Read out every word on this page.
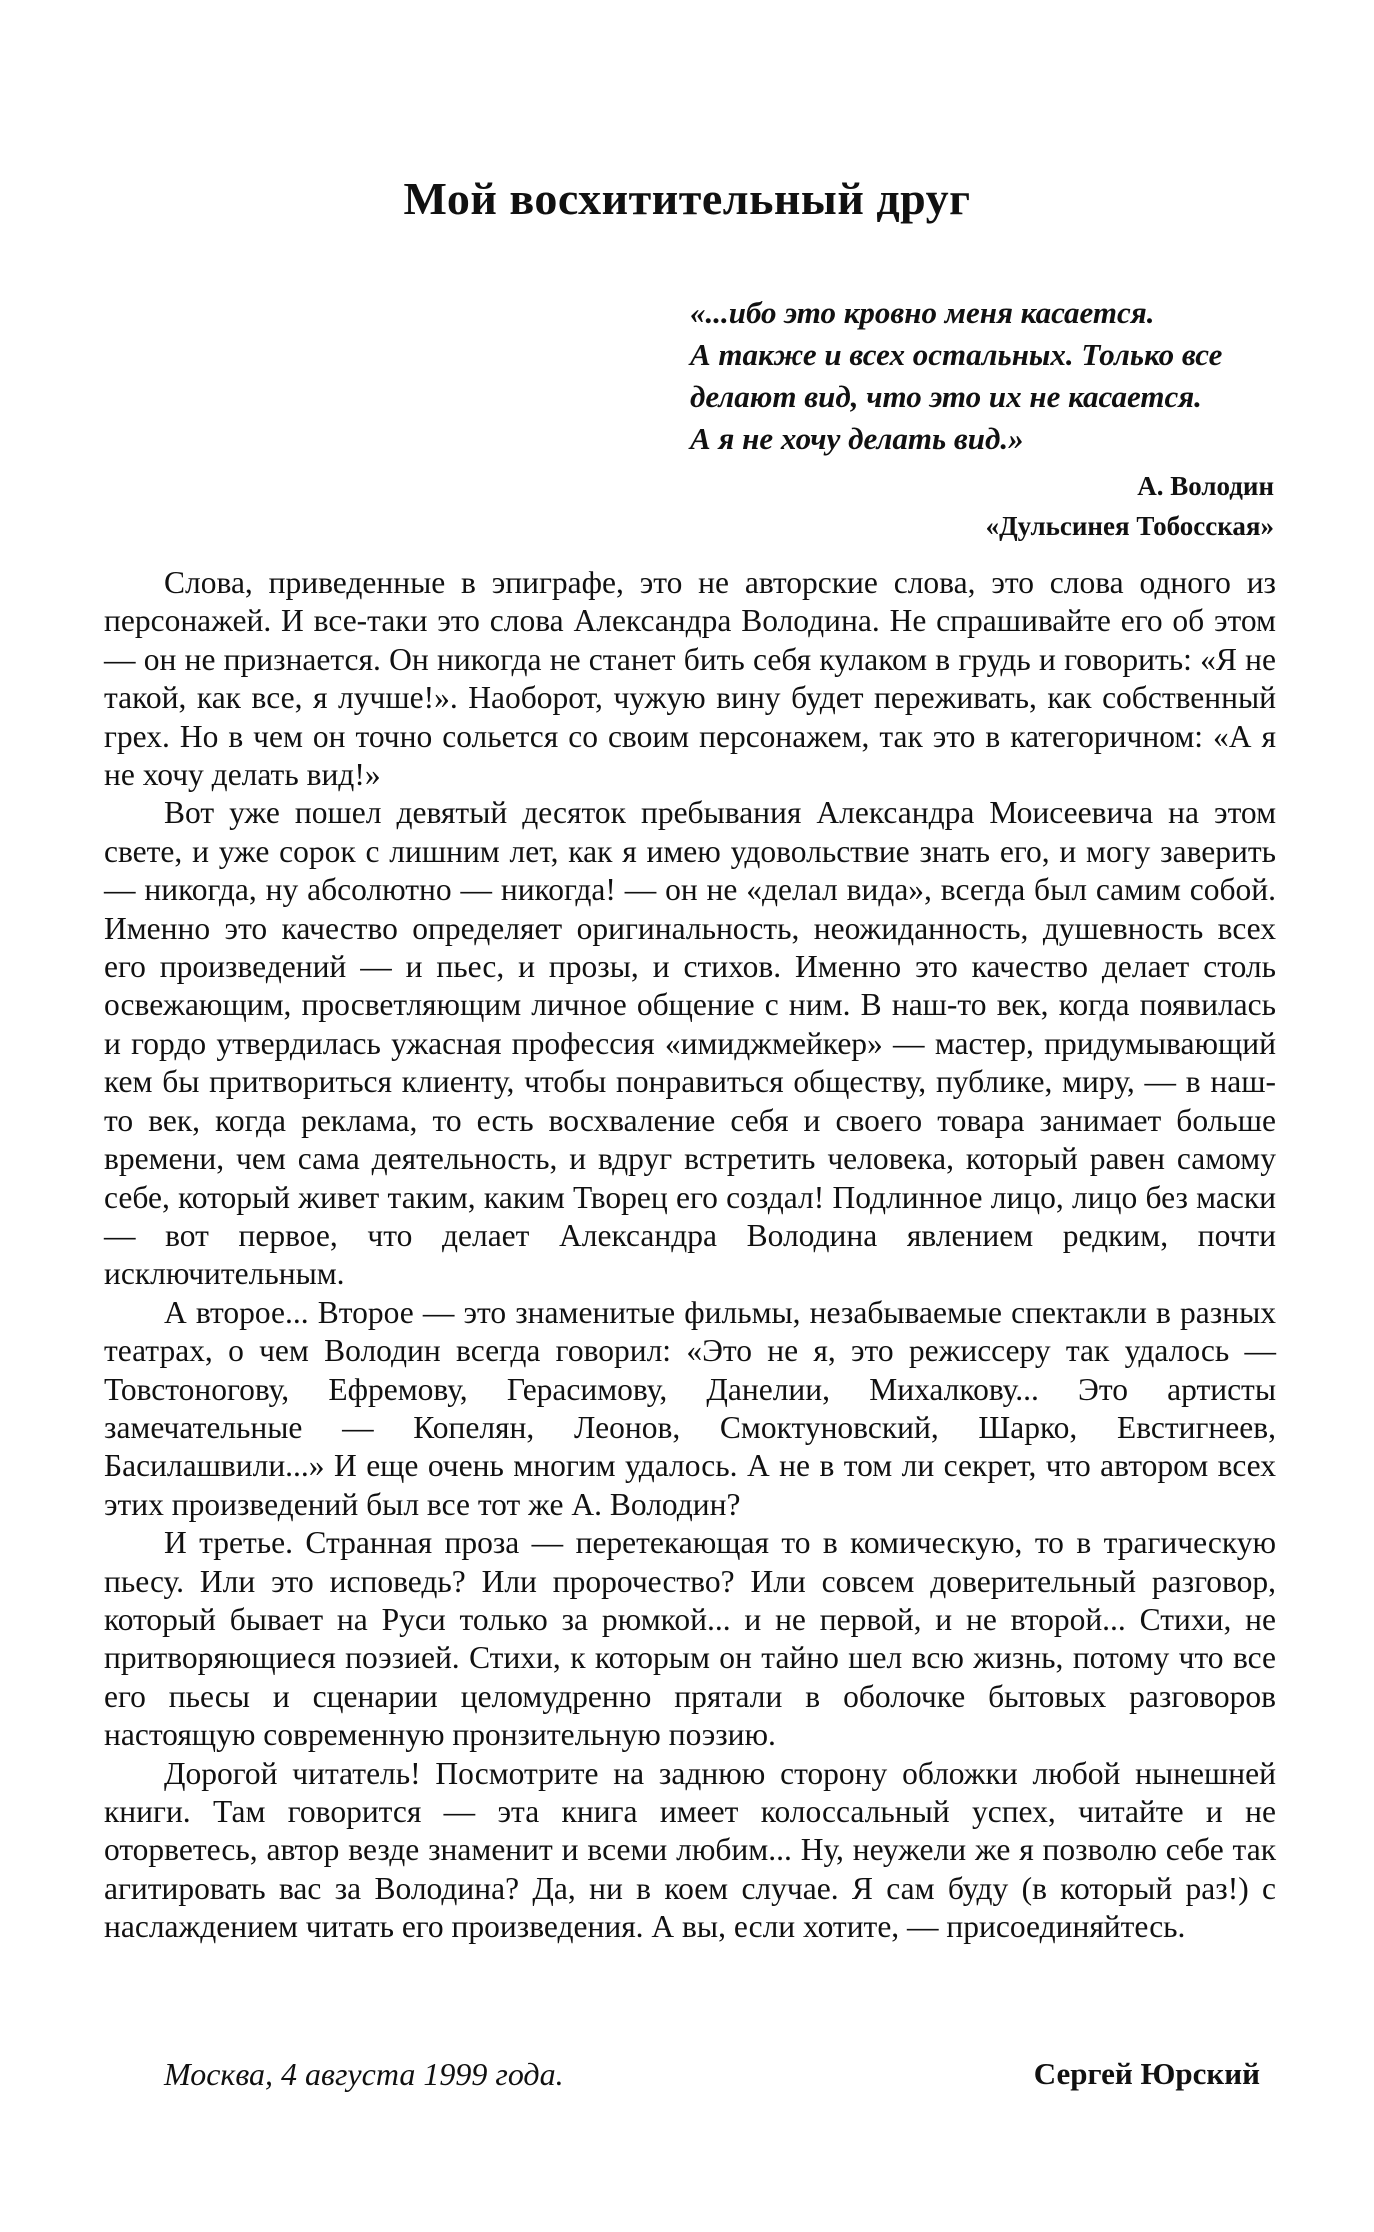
Мой восхитительный друг
«...ибо это кровно меня касается.
А также и всех остальных. Только все
делают вид, что это их не касается.
А я не хочу делать вид.»
А. Володин
«Дульсинея Тобосская»

Слова, приведенные в эпиграфе, это не авторские слова, это слова одного из персонажей. И все-таки это слова Александра Володина. Не спрашивайте его об этом — он не признается. Он никогда не станет бить себя кулаком в грудь и говорить: «Я не такой, как все, я лучше!». Наоборот, чужую вину будет переживать, как собственный грех. Но в чем он точно сольется со своим персонажем, так это в категоричном: «А я не хочу делать вид!»

Вот уже пошел девятый десяток пребывания Александра Моисеевича на этом свете, и уже сорок с лишним лет, как я имею удовольствие знать его, и могу заверить — никогда, ну абсолютно — никогда! — он не «делал вида», всегда был самим собой. Именно это качество определяет оригинальность, неожиданность, душевность всех его произведений — и пьес, и прозы, и стихов. Именно это качество делает столь освежающим, просветляющим личное общение с ним. В наш-то век, когда появилась и гордо утвердилась ужасная профессия «имиджмейкер» — мастер, придумывающий кем бы притвориться клиенту, чтобы понравиться обществу, публике, миру, — в наш-то век, когда реклама, то есть восхваление себя и своего товара занимает больше времени, чем сама деятельность, и вдруг встретить человека, который равен самому себе, который живет таким, каким Творец его создал! Подлинное лицо, лицо без маски — вот первое, что делает Александра Володина явлением редким, почти исключительным.

А второе... Второе — это знаменитые фильмы, незабываемые спектакли в разных театрах, о чем Володин всегда говорил: «Это не я, это режиссеру так удалось — Товстоногову, Ефремову, Герасимову, Данелии, Михалкову... Это артисты замечательные — Копелян, Леонов, Смоктуновский, Шарко, Евстигнеев, Басилашвили...» И еще очень многим удалось. А не в том ли секрет, что автором всех этих произведений был все тот же А. Володин?

И третье. Странная проза — перетекающая то в комическую, то в трагическую пьесу. Или это исповедь? Или пророчество? Или совсем доверительный разговор, который бывает на Руси только за рюмкой... и не первой, и не второй... Стихи, не притворяющиеся поэзией. Стихи, к которым он тайно шел всю жизнь, потому что все его пьесы и сценарии целомудренно прятали в оболочке бытовых разговоров настоящую современную пронзительную поэзию.

Дорогой читатель! Посмотрите на заднюю сторону обложки любой нынешней книги. Там говорится — эта книга имеет колоссальный успех, читайте и не оторветесь, автор везде знаменит и всеми любим... Ну, неужели же я позволю себе так агитировать вас за Володина? Да, ни в коем случае. Я сам буду (в который раз!) с наслаждением читать его произведения. А вы, если хотите, — присоединяйтесь.

Москва, 4 августа 1999 года.	Сергей Юрский
